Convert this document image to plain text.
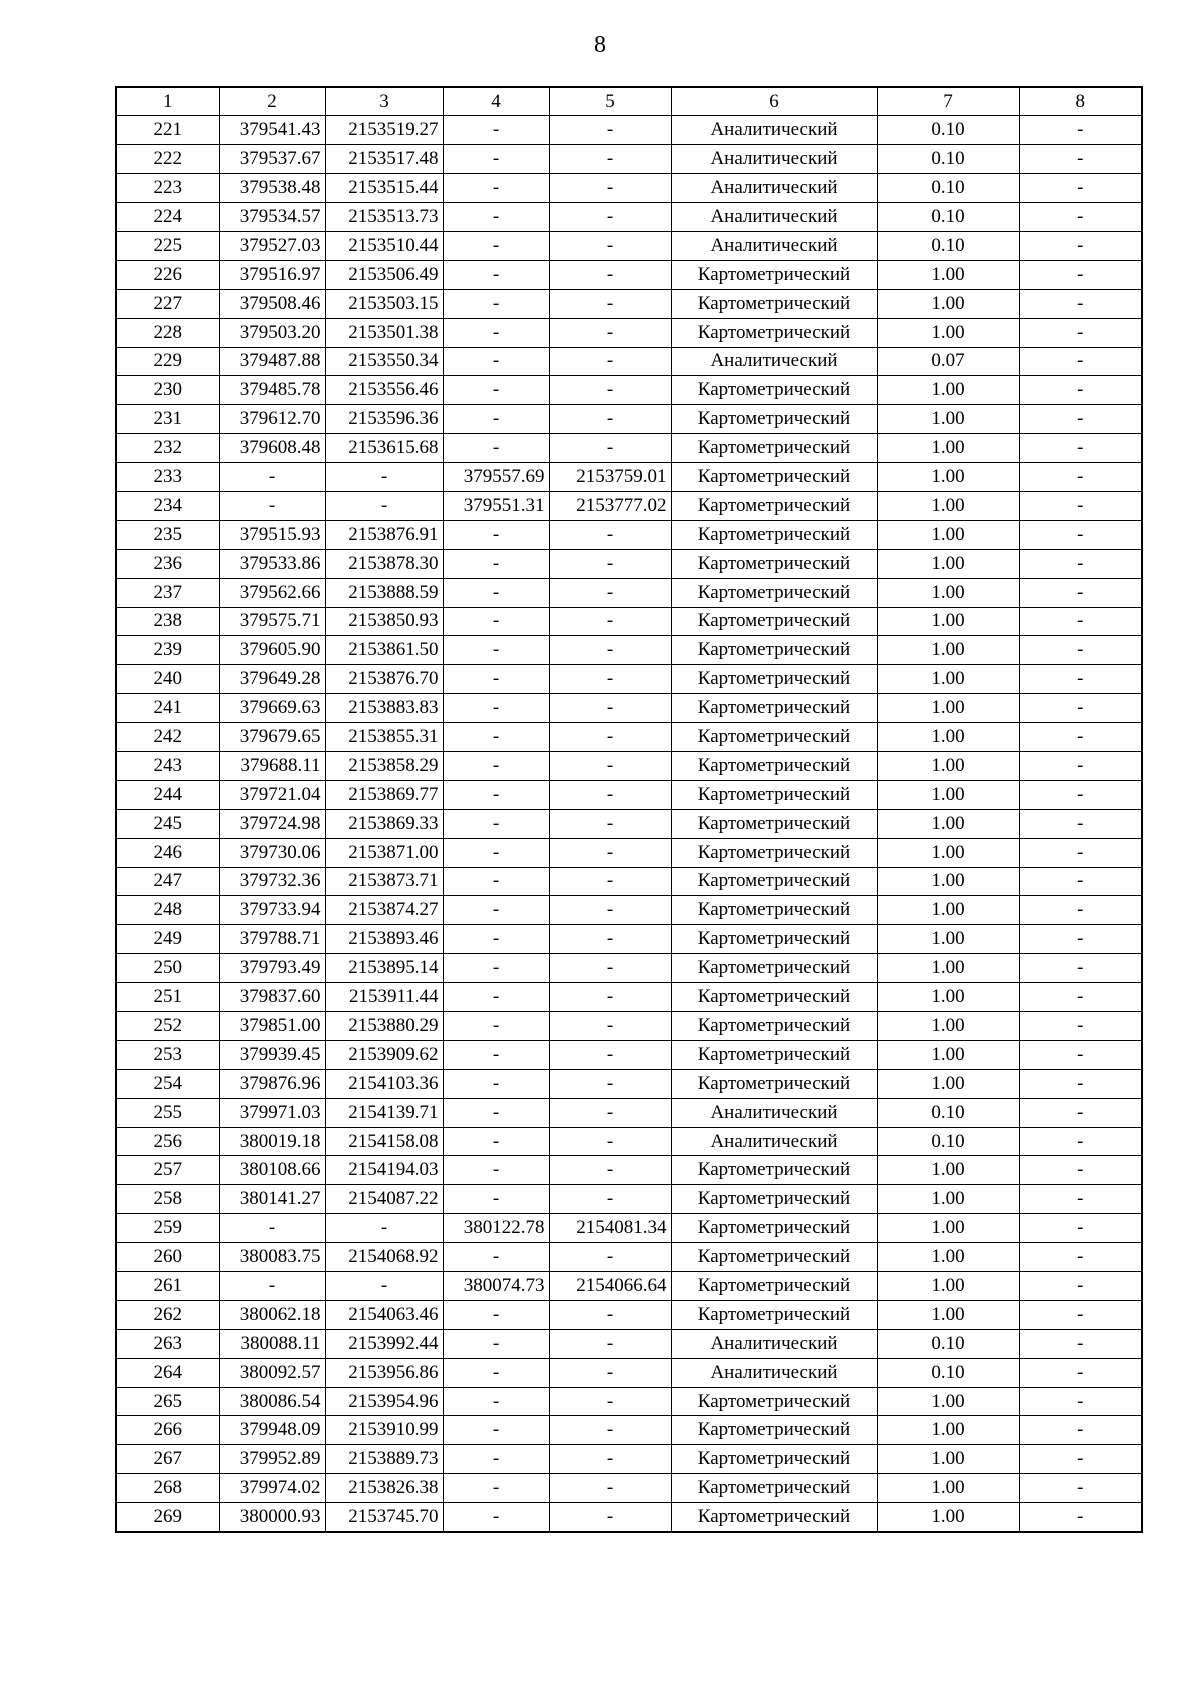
8
1	2	3	4	5	6	7	8
221	379541.43	2153519.27	-	-	Аналитический	0.10	-
222	379537.67	2153517.48	-	-	Аналитический	0.10	-
223	379538.48	2153515.44	-	-	Аналитический	0.10	-
224	379534.57	2153513.73	-	-	Аналитический	0.10	-
225	379527.03	2153510.44	-	-	Аналитический	0.10	-
226	379516.97	2153506.49	-	-	Картометрический	1.00	-
227	379508.46	2153503.15	-	-	Картометрический	1.00	-
228	379503.20	2153501.38	-	-	Картометрический	1.00	-
229	379487.88	2153550.34	-	-	Аналитический	0.07	-
230	379485.78	2153556.46	-	-	Картометрический	1.00	-
231	379612.70	2153596.36	-	-	Картометрический	1.00	-
232	379608.48	2153615.68	-	-	Картометрический	1.00	-
233	-	-	379557.69	2153759.01	Картометрический	1.00	-
234	-	-	379551.31	2153777.02	Картометрический	1.00	-
235	379515.93	2153876.91	-	-	Картометрический	1.00	-
236	379533.86	2153878.30	-	-	Картометрический	1.00	-
237	379562.66	2153888.59	-	-	Картометрический	1.00	-
238	379575.71	2153850.93	-	-	Картометрический	1.00	-
239	379605.90	2153861.50	-	-	Картометрический	1.00	-
240	379649.28	2153876.70	-	-	Картометрический	1.00	-
241	379669.63	2153883.83	-	-	Картометрический	1.00	-
242	379679.65	2153855.31	-	-	Картометрический	1.00	-
243	379688.11	2153858.29	-	-	Картометрический	1.00	-
244	379721.04	2153869.77	-	-	Картометрический	1.00	-
245	379724.98	2153869.33	-	-	Картометрический	1.00	-
246	379730.06	2153871.00	-	-	Картометрический	1.00	-
247	379732.36	2153873.71	-	-	Картометрический	1.00	-
248	379733.94	2153874.27	-	-	Картометрический	1.00	-
249	379788.71	2153893.46	-	-	Картометрический	1.00	-
250	379793.49	2153895.14	-	-	Картометрический	1.00	-
251	379837.60	2153911.44	-	-	Картометрический	1.00	-
252	379851.00	2153880.29	-	-	Картометрический	1.00	-
253	379939.45	2153909.62	-	-	Картометрический	1.00	-
254	379876.96	2154103.36	-	-	Картометрический	1.00	-
255	379971.03	2154139.71	-	-	Аналитический	0.10	-
256	380019.18	2154158.08	-	-	Аналитический	0.10	-
257	380108.66	2154194.03	-	-	Картометрический	1.00	-
258	380141.27	2154087.22	-	-	Картометрический	1.00	-
259	-	-	380122.78	2154081.34	Картометрический	1.00	-
260	380083.75	2154068.92	-	-	Картометрический	1.00	-
261	-	-	380074.73	2154066.64	Картометрический	1.00	-
262	380062.18	2154063.46	-	-	Картометрический	1.00	-
263	380088.11	2153992.44	-	-	Аналитический	0.10	-
264	380092.57	2153956.86	-	-	Аналитический	0.10	-
265	380086.54	2153954.96	-	-	Картометрический	1.00	-
266	379948.09	2153910.99	-	-	Картометрический	1.00	-
267	379952.89	2153889.73	-	-	Картометрический	1.00	-
268	379974.02	2153826.38	-	-	Картометрический	1.00	-
269	380000.93	2153745.70	-	-	Картометрический	1.00	-
